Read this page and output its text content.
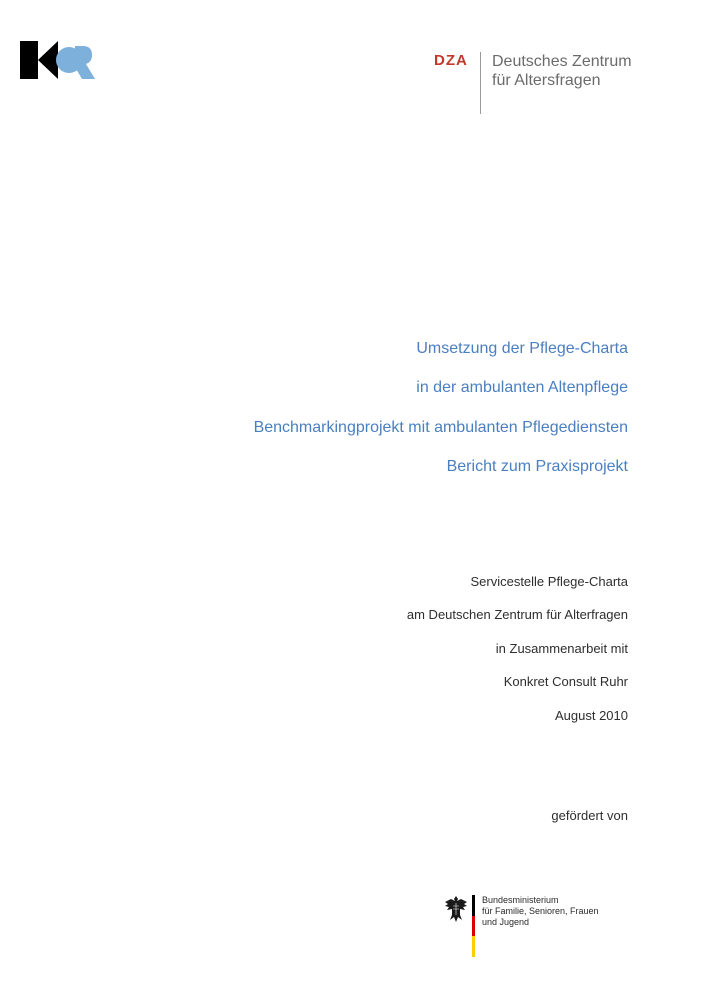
DZA Deutsches Zentrum
für Altersfragen
Umsetzung der Pflege-Charta
in der ambulanten Altenpflege
Benchmarkingprojekt mit ambulanten Pflegediensten
Bericht zum Praxisprojekt
Servicestelle Pflege-Charta
am Deutschen Zentrum für Alterfragen
in Zusammenarbeit mit
Konkret Consult Ruhr
August 2010
gefördert von
Bundesministerium
für Familie, Senioren, Frauen
und Jugend
